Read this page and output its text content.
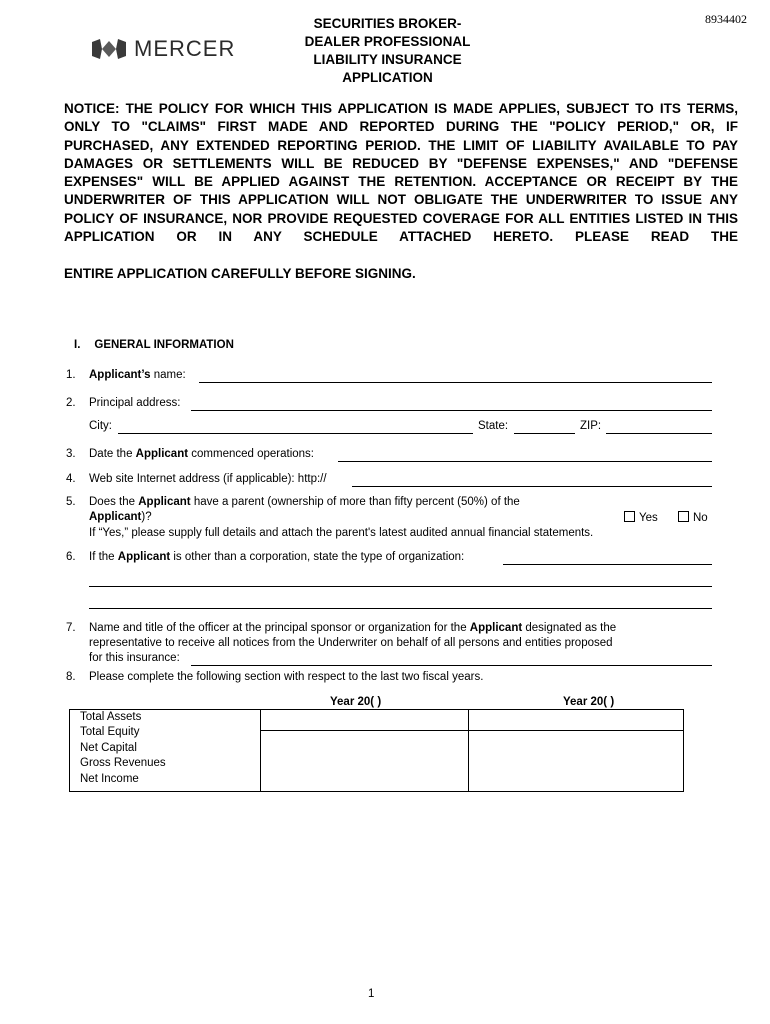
8934402
MERCER
SECURITIES BROKER-
DEALER PROFESSIONAL
LIABILITY INSURANCE
APPLICATION
NOTICE: THE POLICY FOR WHICH THIS APPLICATION IS MADE APPLIES, SUBJECT TO ITS TERMS, ONLY TO "CLAIMS" FIRST MADE AND REPORTED DURING THE "POLICY PERIOD," OR, IF PURCHASED, ANY EXTENDED REPORTING PERIOD. THE LIMIT OF LIABILITY AVAILABLE TO PAY DAMAGES OR SETTLEMENTS WILL BE REDUCED BY "DEFENSE EXPENSES," AND "DEFENSE EXPENSES" WILL BE APPLIED AGAINST THE RETENTION. ACCEPTANCE OR RECEIPT BY THE UNDERWRITER OF THIS APPLICATION WILL NOT OBLIGATE THE UNDERWRITER TO ISSUE ANY POLICY OF INSURANCE, NOR PROVIDE REQUESTED COVERAGE FOR ALL ENTITIES LISTED IN THIS APPLICATION OR IN ANY SCHEDULE ATTACHED HERETO. PLEASE READ THE
ENTIRE APPLICATION CAREFULLY BEFORE SIGNING.
I. GENERAL INFORMATION
1. Applicant’s name:
2. Principal address:
City:	State:	ZIP:
3. Date the Applicant commenced operations:
4. Web site Internet address (if applicable): http://
5. Does the Applicant have a parent (ownership of more than fifty percent (50%) of the
Applicant)?	Yes	No
If “Yes,” please supply full details and attach the parent's latest audited annual financial statements.
6. If the Applicant is other than a corporation, state the type of organization:
7. Name and title of the officer at the principal sponsor or organization for the Applicant designated as the
representative to receive all notices from the Underwriter on behalf of all persons and entities proposed
for this insurance:
8. Please complete the following section with respect to the last two fiscal years.
Year 20( )	Year 20( )
Total Assets
Total Equity
Net Capital
Gross Revenues
Net Income

1
